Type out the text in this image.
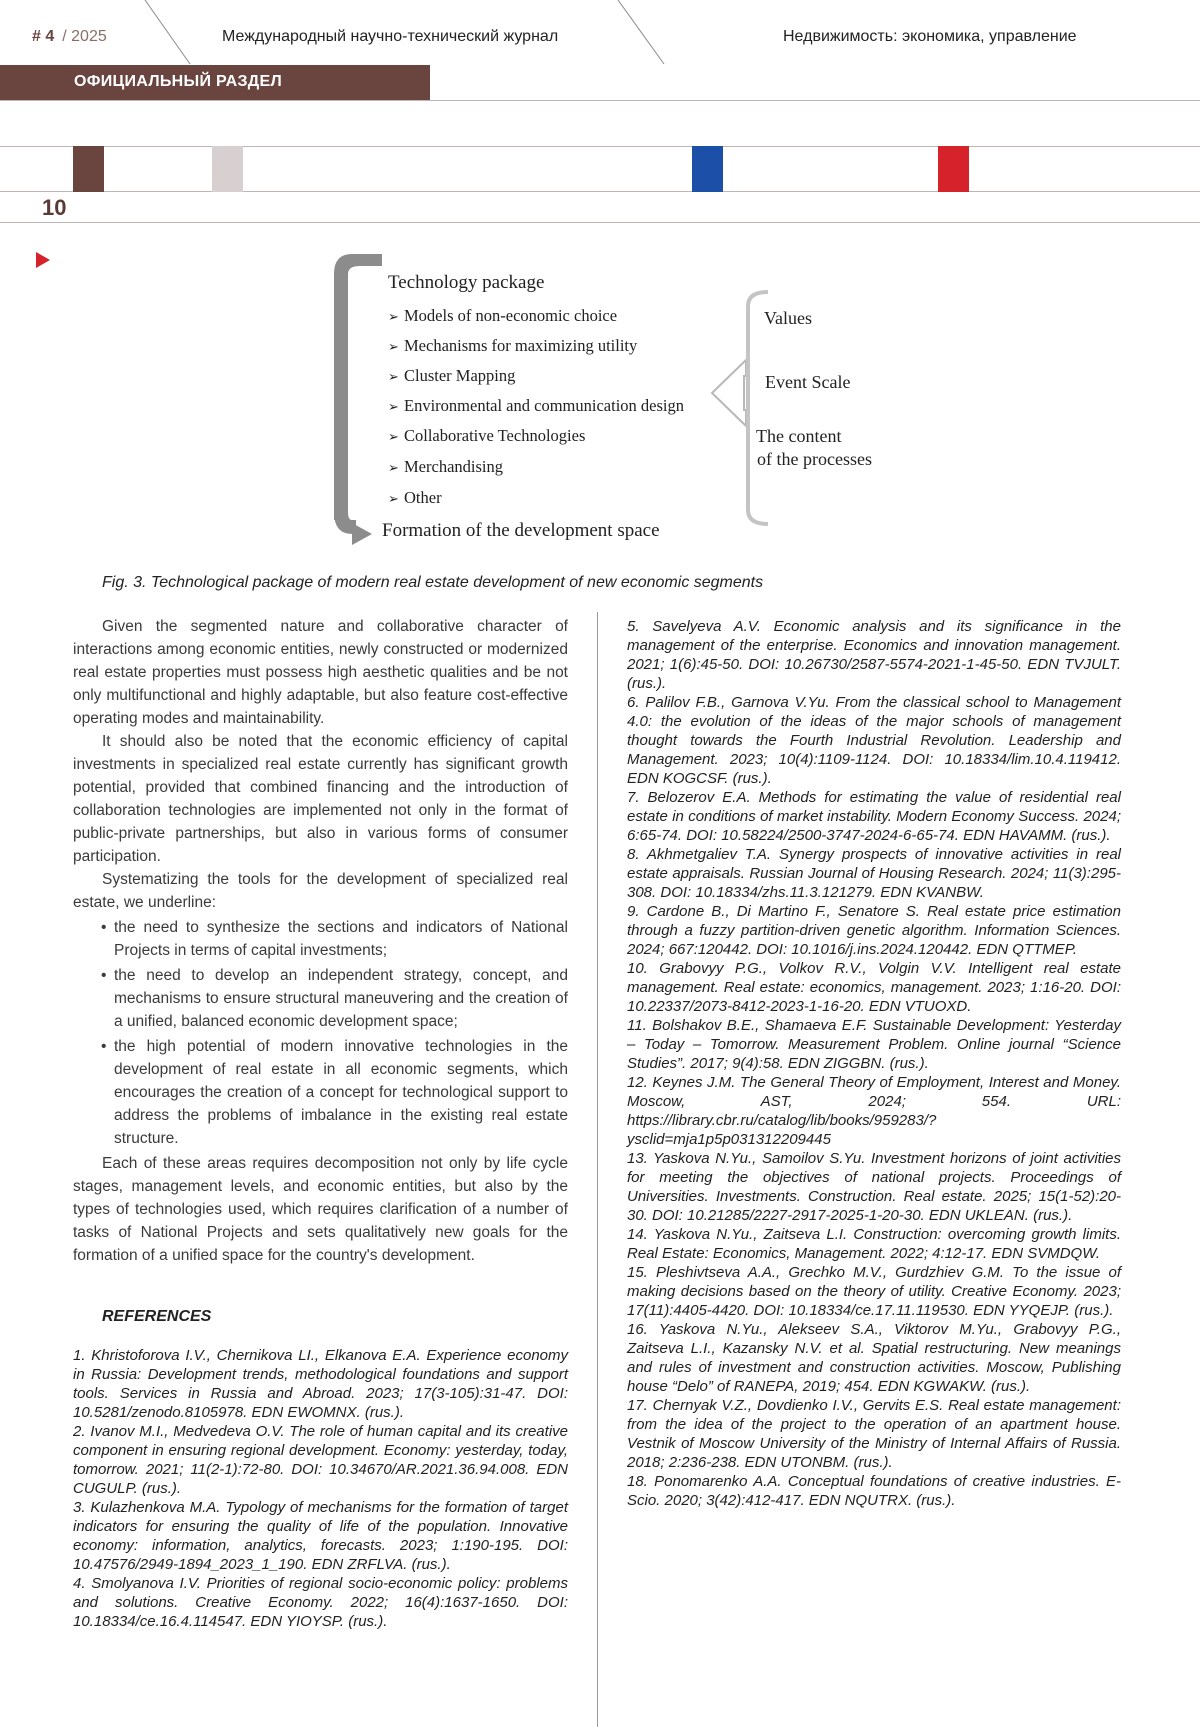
# 4 / 2025	Международный научно-технический журнал	Недвижимость: экономика, управление
ОФИЦИАЛЬНЫЙ РАЗДЕЛ
10
Technology package
➢ Models of non-economic choice
➢ Mechanisms for maximizing utility
➢ Cluster Mapping
➢ Environmental and communication design
➢ Collaborative Technologies
➢ Merchandising
➢ Other
Formation of the development space
Values
Event Scale
The content
of the processes
Fig. 3. Technological package of modern real estate development of new economic segments

Given the segmented nature and collaborative character of interactions among economic entities, newly constructed or modernized real estate properties must possess high aesthetic qualities and be not only multifunctional and highly adaptable, but also feature cost-effective operating modes and maintainability.

It should also be noted that the economic efficiency of capital investments in specialized real estate currently has significant growth potential, provided that combined financing and the introduction of collaboration technologies are implemented not only in the format of public-private partnerships, but also in various forms of consumer participation.

Systematizing the tools for the development of specialized real estate, we underline:

• the need to synthesize the sections and indicators of National Projects in terms of capital investments;
• the need to develop an independent strategy, concept, and mechanisms to ensure structural maneuvering and the creation of a unified, balanced economic development space;
• the high potential of modern innovative technologies in the development of real estate in all economic segments, which encourages the creation of a concept for technological support to address the problems of imbalance in the existing real estate structure.

Each of these areas requires decomposition not only by life cycle stages, management levels, and economic entities, but also by the types of technologies used, which requires clarification of a number of tasks of National Projects and sets qualitatively new goals for the formation of a unified space for the country's development.

REFERENCES

1. Khristoforova I.V., Chernikova LI., Elkanova E.A. Experience economy in Russia: Development trends, methodological foundations and support tools. Services in Russia and Abroad. 2023; 17(3-105):31-47. DOI: 10.5281/zenodo.8105978. EDN EWOMNX. (rus.).

2. Ivanov M.I., Medvedeva O.V. The role of human capital and its creative component in ensuring regional development. Economy: yesterday, today, tomorrow. 2021; 11(2-1):72-80. DOI: 10.34670/AR.2021.36.94.008. EDN CUGULP. (rus.).

3. Kulazhenkova M.A. Typology of mechanisms for the formation of target indicators for ensuring the quality of life of the population. Innovative economy: information, analytics, forecasts. 2023; 1:190-195. DOI: 10.47576/2949-1894_2023_1_190. EDN ZRFLVA. (rus.).

4. Smolyanova I.V. Priorities of regional socio-economic policy: problems and solutions. Creative Economy. 2022; 16(4):1637-1650. DOI: 10.18334/ce.16.4.114547. EDN YIOYSP. (rus.).

5. Savelyeva A.V. Economic analysis and its significance in the management of the enterprise. Economics and innovation management. 2021; 1(6):45-50. DOI: 10.26730/2587-5574-2021-1-45-50. EDN TVJULT. (rus.).

6. Palilov F.B., Garnova V.Yu. From the classical school to Management 4.0: the evolution of the ideas of the major schools of management thought towards the Fourth Industrial Revolution. Leadership and Management. 2023; 10(4):1109-1124. DOI: 10.18334/lim.10.4.119412. EDN KOGCSF. (rus.).

7. Belozerov E.A. Methods for estimating the value of residential real estate in conditions of market instability. Modern Economy Success. 2024; 6:65-74. DOI: 10.58224/2500-3747-2024-6-65-74. EDN HAVAMM. (rus.).

8. Akhmetgaliev T.A. Synergy prospects of innovative activities in real estate appraisals. Russian Journal of Housing Research. 2024; 11(3):295-308. DOI: 10.18334/zhs.11.3.121279. EDN KVANBW.

9. Cardone B., Di Martino F., Senatore S. Real estate price estimation through a fuzzy partition-driven genetic algorithm. Information Sciences. 2024; 667:120442. DOI: 10.1016/j.ins.2024.120442. EDN QTTMEP.

10. Grabovyy P.G., Volkov R.V., Volgin V.V. Intelligent real estate management. Real estate: economics, management. 2023; 1:16-20. DOI: 10.22337/2073-8412-2023-1-16-20. EDN VTUOXD.

11. Bolshakov B.E., Shamaeva E.F. Sustainable Development: Yesterday – Today – Tomorrow. Measurement Problem. Online journal “Science Studies”. 2017; 9(4):58. EDN ZIGGBN. (rus.).

12. Keynes J.M. The General Theory of Employment, Interest and Money. Moscow, AST, 2024; 554. URL: https://library.cbr.ru/catalog/lib/books/959283/?ysclid=mja1p5p031312209445

13. Yaskova N.Yu., Samoilov S.Yu. Investment horizons of joint activities for meeting the objectives of national projects. Proceedings of Universities. Investments. Construction. Real estate. 2025; 15(1-52):20-30. DOI: 10.21285/2227-2917-2025-1-20-30. EDN UKLEAN. (rus.).

14. Yaskova N.Yu., Zaitseva L.I. Construction: overcoming growth limits. Real Estate: Economics, Management. 2022; 4:12-17. EDN SVMDQW.

15. Pleshivtseva A.A., Grechko M.V., Gurdzhiev G.M. To the issue of making decisions based on the theory of utility. Creative Economy. 2023; 17(11):4405-4420. DOI: 10.18334/ce.17.11.119530. EDN YYQEJP. (rus.).

16. Yaskova N.Yu., Alekseev S.A., Viktorov M.Yu., Grabovyy P.G., Zaitseva L.I., Kazansky N.V. et al. Spatial restructuring. New meanings and rules of investment and construction activities. Moscow, Publishing house “Delo” of RANEPA, 2019; 454. EDN KGWAKW. (rus.).

17. Chernyak V.Z., Dovdienko I.V., Gervits E.S. Real estate management: from the idea of the project to the operation of an apartment house. Vestnik of Moscow University of the Ministry of Internal Affairs of Russia. 2018; 2:236-238. EDN UTONBM. (rus.).

18. Ponomarenko A.A. Conceptual foundations of creative industries. E-Scio. 2020; 3(42):412-417. EDN NQUTRX. (rus.).
